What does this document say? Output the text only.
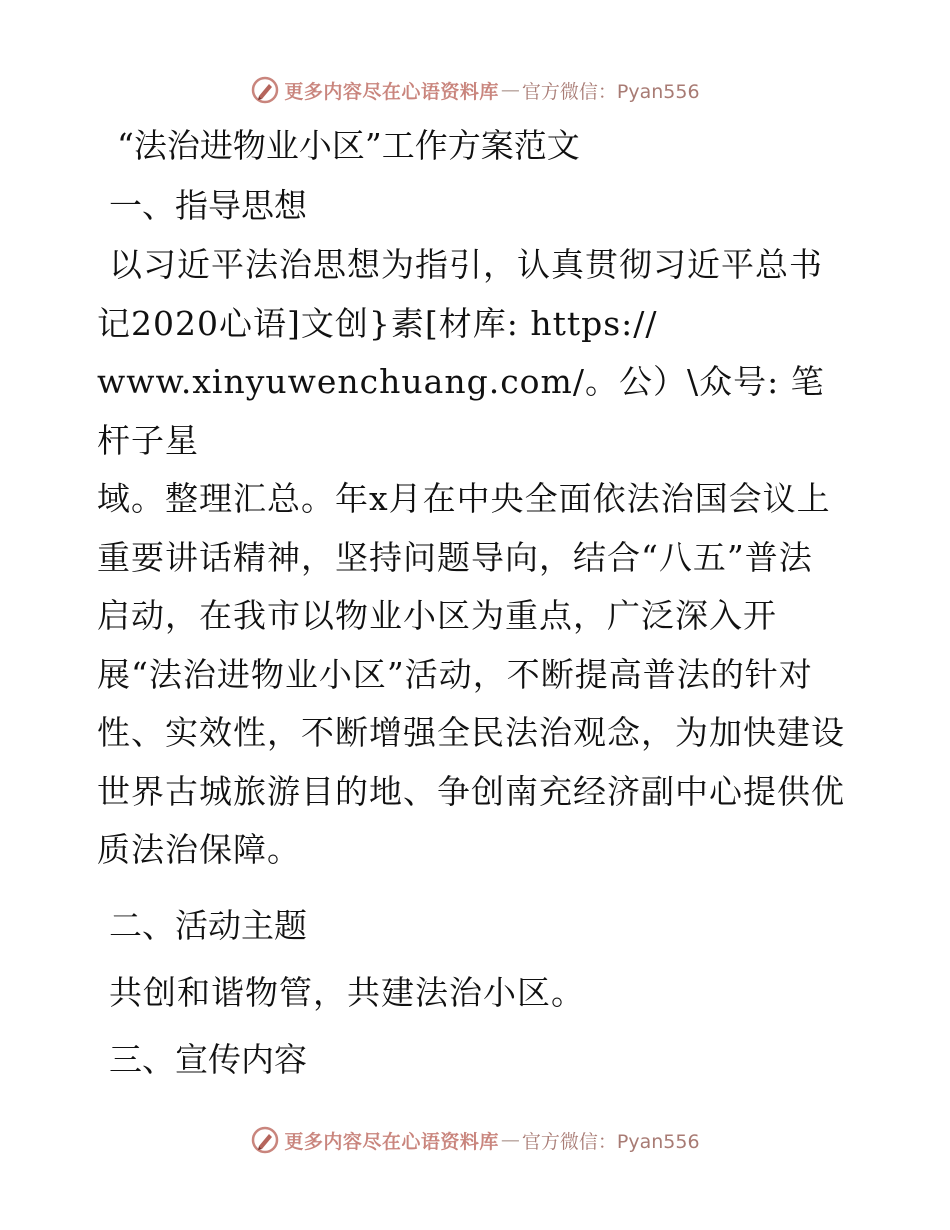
更多内容尽在心语资料库 — 官方微信：Pyan556
“法治进物业小区”工作方案范文
一、指导思想
以习近平法治思想为指引，认真贯彻习近平总书
记2020心语]文创}素[材库: https://
www.xinyuwenchuang.com/。公）\众号: 笔杆子星
域。整理汇总。年x月在中央全面依法治国会议上
重要讲话精神，坚持问题导向，结合“八五”普法
启动，在我市以物业小区为重点，广泛深入开
展“法治进物业小区”活动，不断提高普法的针对
性、实效性，不断增强全民法治观念，为加快建设
世界古城旅游目的地、争创南充经济副中心提供优
质法治保障。
二、活动主题
共创和谐物管，共建法治小区。
三、宣传内容
更多内容尽在心语资料库 — 官方微信：Pyan556
